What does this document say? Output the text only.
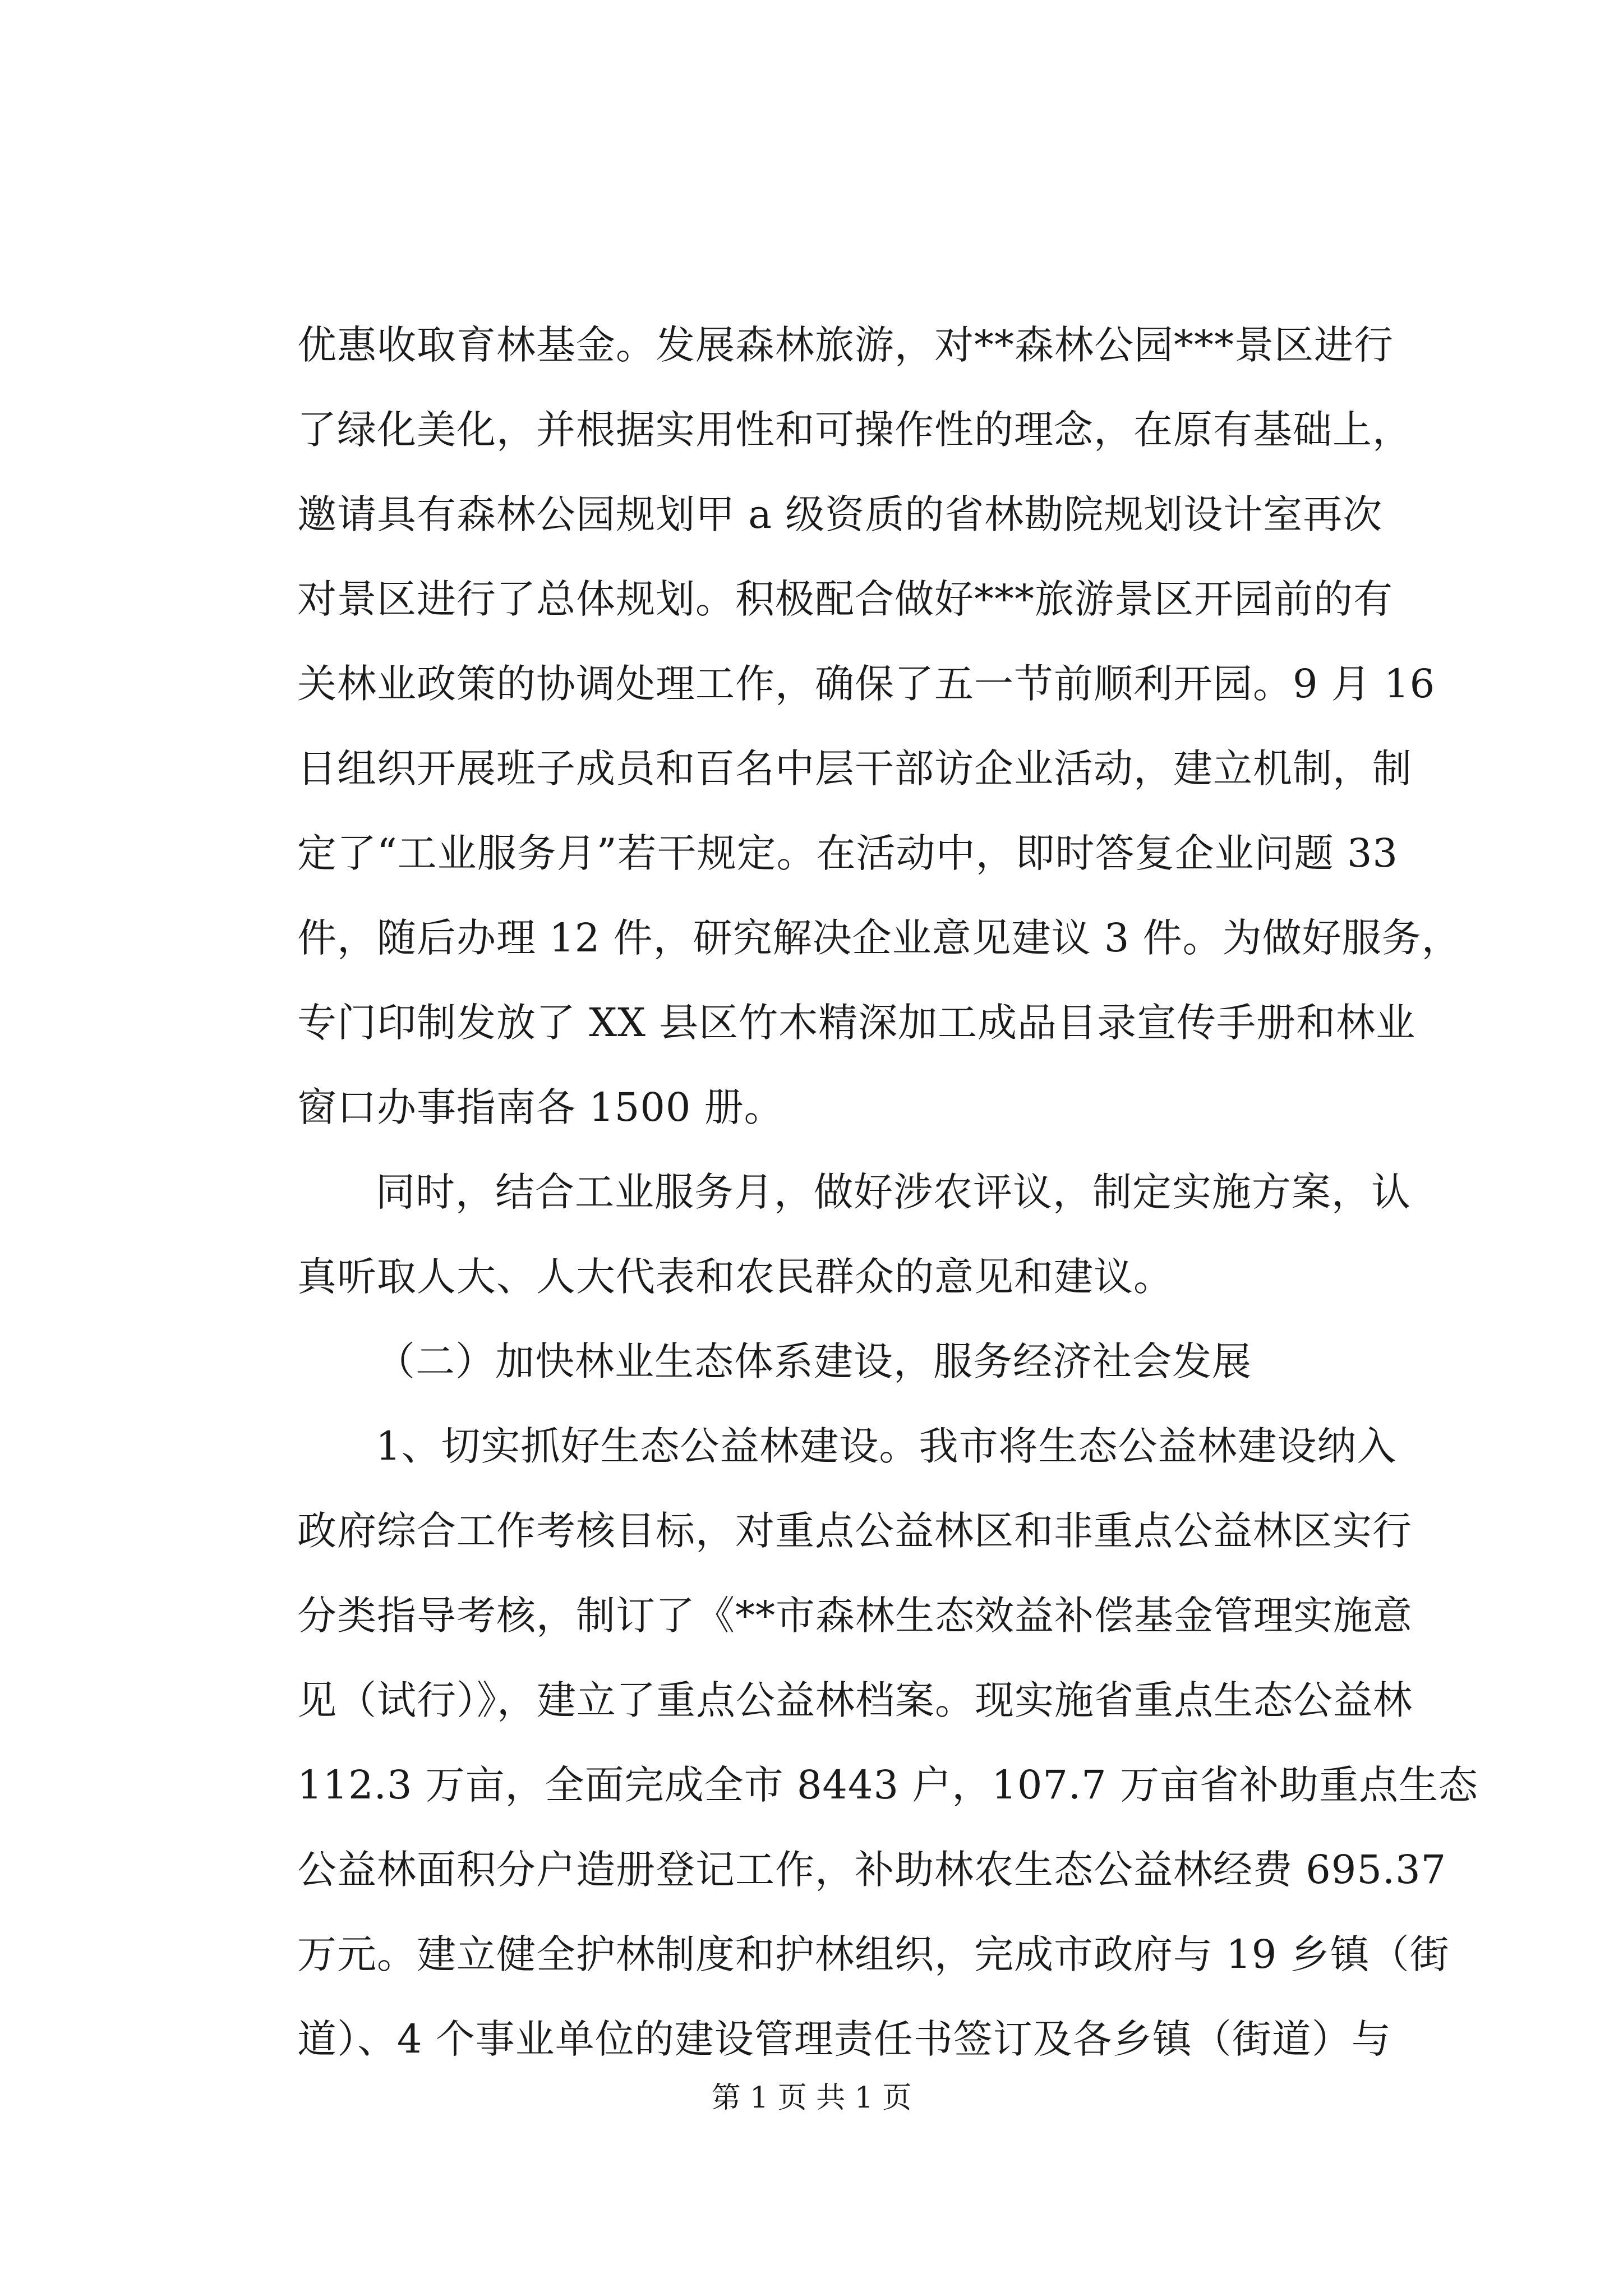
优惠收取育林基金。发展森林旅游，对**森林公园***景区进行
了绿化美化，并根据实用性和可操作性的理念，在原有基础上，
邀请具有森林公园规划甲 a 级资质的省林勘院规划设计室再次
对景区进行了总体规划。积极配合做好***旅游景区开园前的有
关林业政策的协调处理工作，确保了五一节前顺利开园。9 月 16
日组织开展班子成员和百名中层干部访企业活动，建立机制，制
定了“工业服务月”若干规定。在活动中，即时答复企业问题 33
件，随后办理 12 件，研究解决企业意见建议 3 件。为做好服务，
专门印制发放了 XX 县区竹木精深加工成品目录宣传手册和林业
窗口办事指南各 1500 册。
同时，结合工业服务月，做好涉农评议，制定实施方案，认
真听取人大、人大代表和农民群众的意见和建议。
（二）加快林业生态体系建设，服务经济社会发展
1、切实抓好生态公益林建设。我市将生态公益林建设纳入
政府综合工作考核目标，对重点公益林区和非重点公益林区实行
分类指导考核，制订了《**市森林生态效益补偿基金管理实施意
见（试行）》，建立了重点公益林档案。现实施省重点生态公益林
112.3 万亩，全面完成全市 8443 户，107.7 万亩省补助重点生态
公益林面积分户造册登记工作，补助林农生态公益林经费 695.37
万元。建立健全护林制度和护林组织，完成市政府与 19 乡镇（街
道）、4 个事业单位的建设管理责任书签订及各乡镇（街道）与
第 1 页 共 1 页
